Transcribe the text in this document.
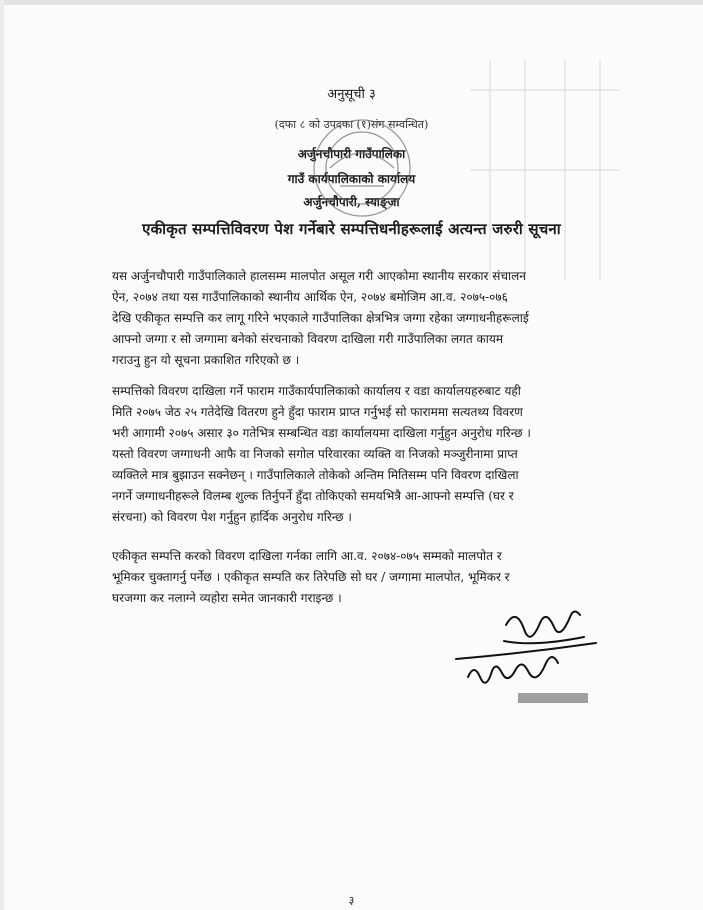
अनुसूची ३
(दफा ८ को उपदफा (१)संग सम्वन्धित)
अर्जुनचौपारी गाउँपालिका
गाउँ कार्यपालिकाको कार्यालय
अर्जुनचौपारी, स्याङ्जा
एकीकृत सम्पत्तिविवरण पेश गर्नेबारे सम्पत्तिधनीहरूलाई अत्यन्त जरुरी सूचना
यस अर्जुनचौपारी गाउँपालिकाले हालसम्म मालपोत असूल गरी आएकोमा स्थानीय सरकार संचालन
ऐन, २०७४ तथा यस गाउँपालिकाको स्थानीय आर्थिक ऐन, २०७४ बमोजिम आ.व. २०७५-०७६
देखि एकीकृत सम्पत्ति कर लागू गरिने भएकाले गाउँपालिका क्षेत्रभित्र जग्गा रहेका जग्गाधनीहरूलाई
आफ्नो जग्गा र सो जग्गामा बनेको संरचनाको विवरण दाखिला गरी गाउँपालिका लगत कायम
गराउनु हुन यो सूचना प्रकाशित गरिएको छ ।
सम्पत्तिको विवरण दाखिला गर्ने फाराम गाउँकार्यपालिकाको कार्यालय र वडा कार्यालयहरुबाट यही
मिति २०७५ जेठ २५ गतेदेखि वितरण हुने हुँदा फाराम प्राप्त गर्नुभई सो फाराममा सत्यतथ्य विवरण
भरी आगामी २०७५ असार ३० गतेभित्र सम्बन्धित वडा कार्यालयमा दाखिला गर्नुहुन अनुरोध गरिन्छ ।
यस्तो विवरण जग्गाधनी आफै वा निजको सगोल परिवारका व्यक्ति वा निजको मञ्जुरीनामा प्राप्त
व्यक्तिले मात्र बुझाउन सक्नेछन् । गाउँपालिकाले तोकेको अन्तिम मितिसम्म पनि विवरण दाखिला
नगर्ने जग्गाधनीहरूले विलम्ब शुल्क तिर्नुपर्ने हुँदा तोकिएको समयभित्रै आ-आफ्नो सम्पत्ति (घर र
संरचना) को विवरण पेश गर्नुहुन हार्दिक अनुरोध गरिन्छ ।
एकीकृत सम्पत्ति करको विवरण दाखिला गर्नका लागि आ.व. २०७४-०७५ सम्मको मालपोत र
भूमिकर चुक्तागर्नु पर्नेछ । एकीकृत सम्पति कर तिरेपछि सो घर / जग्गामा मालपोत, भूमिकर र
घरजग्गा कर नलाग्ने व्यहोरा समेत जानकारी गराइन्छ ।
३
